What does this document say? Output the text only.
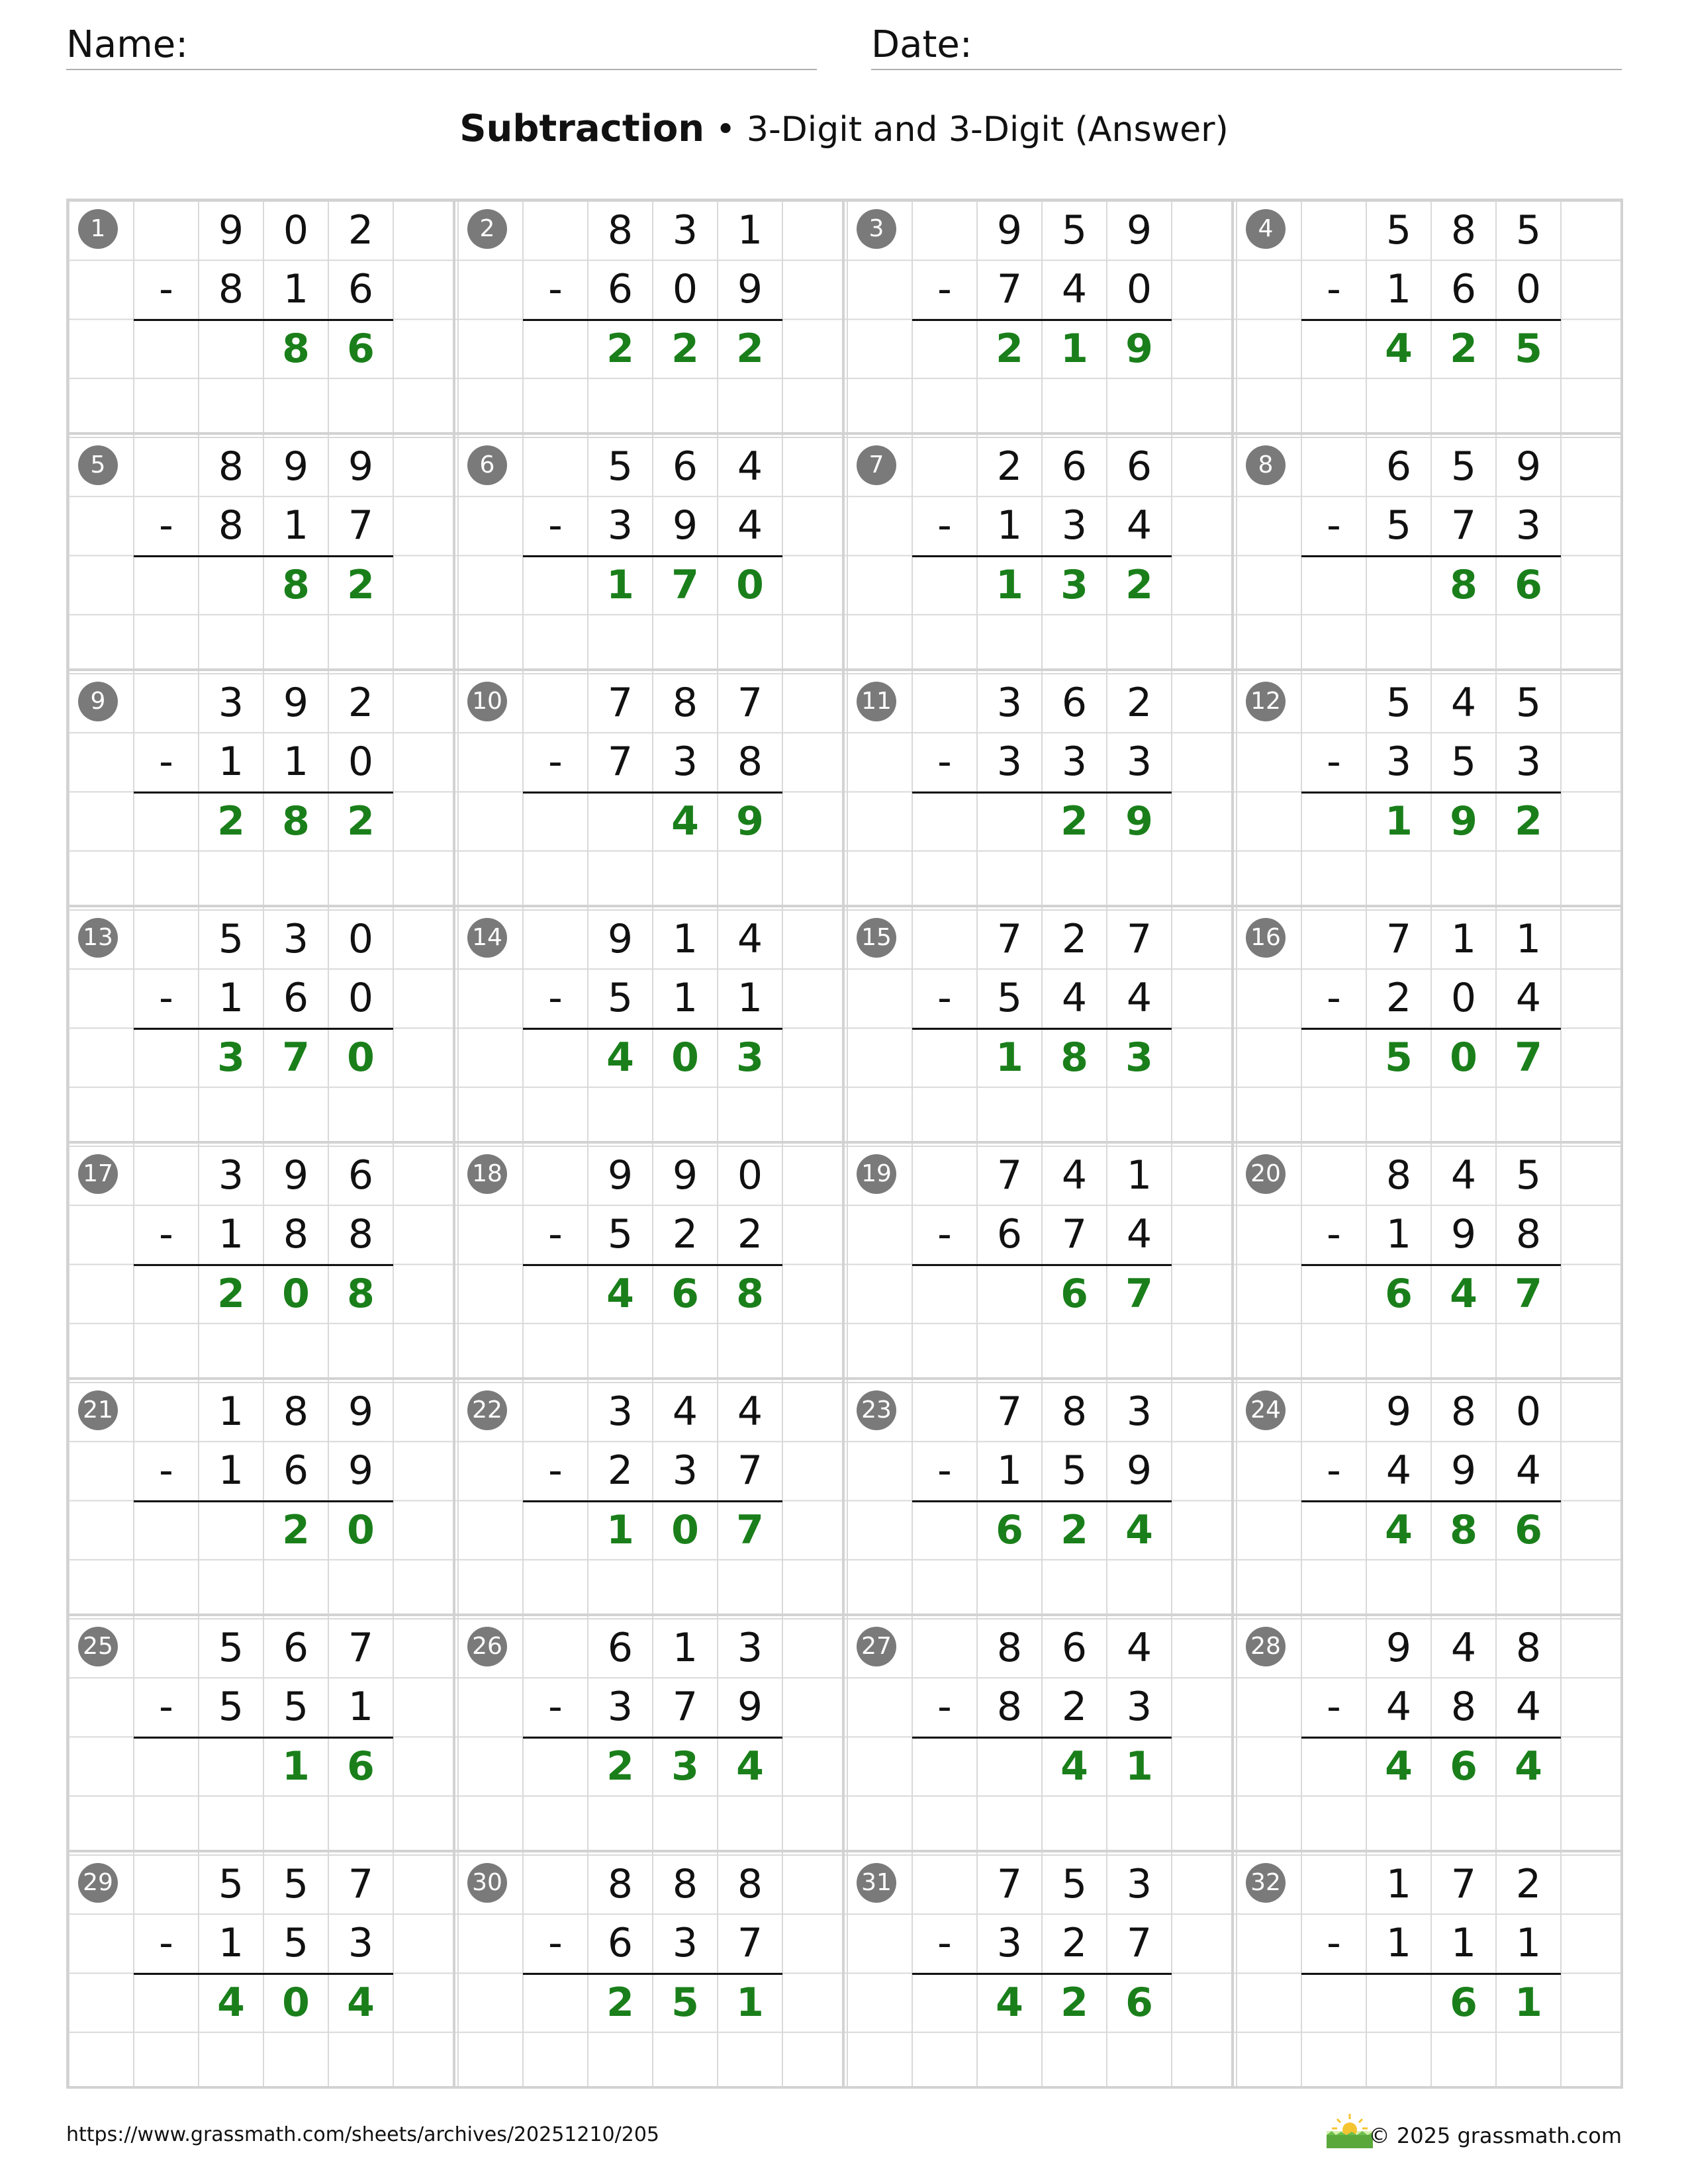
Name:	Date:
Subtraction • 3-Digit and 3-Digit (Answer)
1	9 0 2
-	8 1 6
8 6
2	8 3 1
-	6 0 9
2 2 2
3	9 5 9
-	7 4 0
2 1 9
4	5 8 5
-	1 6 0
4 2 5
5	8 9 9
-	8 1 7
8 2
6	5 6 4
-	3 9 4
1 7 0
7	2 6 6
-	1 3 4
1 3 2
8	6 5 9
-	5 7 3
8 6
9	3 9 2
-	1 1 0
2 8 2
10	7 8 7
-	7 3 8
4 9
11	3 6 2
-	3 3 3
2 9
12	5 4 5
-	3 5 3
1 9 2
13	5 3 0
-	1 6 0
3 7 0
14	9 1 4
-	5 1 1
4 0 3
15	7 2 7
-	5 4 4
1 8 3
16	7 1 1
-	2 0 4
5 0 7
17	3 9 6
-	1 8 8
2 0 8
18	9 9 0
-	5 2 2
4 6 8
19	7 4 1
-	6 7 4
6 7
20	8 4 5
-	1 9 8
6 4 7
21	1 8 9
-	1 6 9
2 0
22	3 4 4
-	2 3 7
1 0 7
23	7 8 3
-	1 5 9
6 2 4
24	9 8 0
-	4 9 4
4 8 6
25	5 6 7
-	5 5 1
1 6
26	6 1 3
-	3 7 9
2 3 4
27	8 6 4
-	8 2 3
4 1
28	9 4 8
-	4 8 4
4 6 4
29	5 5 7
-	1 5 3
4 0 4
30	8 8 8
-	6 3 7
2 5 1
31	7 5 3
-	3 2 7
4 2 6
32	1 7 2
-	1 1 1
6 1
https://www.grassmath.com/sheets/archives/20251210/205	© 2025 grassmath.com
